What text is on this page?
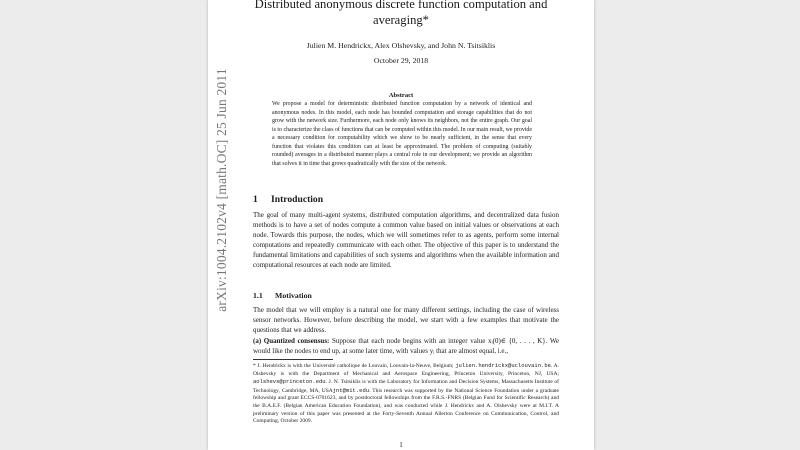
arXiv:1004.2102v4 [math.OC] 25 Jun 2011
Distributed anonymous discrete function computation and
averaging*
Julien M. Hendrickx, Alex Olshevsky, and John N. Tsitsiklis
October 29, 2018
Abstract
We propose a model for deterministic distributed function computation by a network of identical and anonymous nodes. In this model, each node has bounded computation and storage capabilities that do not grow with the network size. Furthermore, each node only knows its neighbors, not the entire graph. Our goal is to characterize the class of functions that can be computed within this model. In our main result, we provide a necessary condition for computability which we show to be nearly sufficient, in the sense that every function that violates this condition can at least be approximated. The problem of computing (suitably rounded) averages in a distributed manner plays a central role in our development; we provide an algorithm that solves it in time that grows quadratically with the size of the network.
1 Introduction
The goal of many multi-agent systems, distributed computation algorithms, and decentralized data fusion methods is to have a set of nodes compute a common value based on initial values or observations at each node. Towards this purpose, the nodes, which we will sometimes refer to as agents, perform some internal computations and repeatedly communicate with each other. The objective of this paper is to understand the fundamental limitations and capabilities of such systems and algorithms when the available information and computational resources at each node are limited.
1.1 Motivation
The model that we will employ is a natural one for many different settings, including the case of wireless sensor networks. However, before describing the model, we start with a few examples that motivate the questions that we address.
(a) Quantized consensus: Suppose that each node begins with an integer value xᵢ(0)∈ {0, . . . , K}. We would like the nodes to end up, at some later time, with values yᵢ that are almost equal, i.e.,
* J. Hendrickx is with the Université catholique de Louvain, Louvain-la-Neuve, Belgium; julien.hendrickx@uclouvain.be. A. Olshevsky is with the Department of Mechanical and Aerospace Engineering, Princeton University, Princeton, NJ, USA; aolshevs@princeton.edu. J. N. Tsitsiklis is with the Laboratory for Information and Decision Systems, Massachusetts Institute of Technology, Cambridge, MA, USAjnt@mit.edu. This research was supported by the National Science Foundation under a graduate fellowship and grant ECCS-0701623, and by postdoctoral fellowships from the F.R.S.-FNRS (Belgian Fund for Scientific Research) and the B.A.E.F. (Belgian American Education Foundation), and was conducted while J. Hendrickx and A. Olshevsky were at M.I.T. A preliminary version of this paper was presented at the Forty-Seventh Annual Allerton Conference on Communication, Control, and Computing, October 2009.
1
